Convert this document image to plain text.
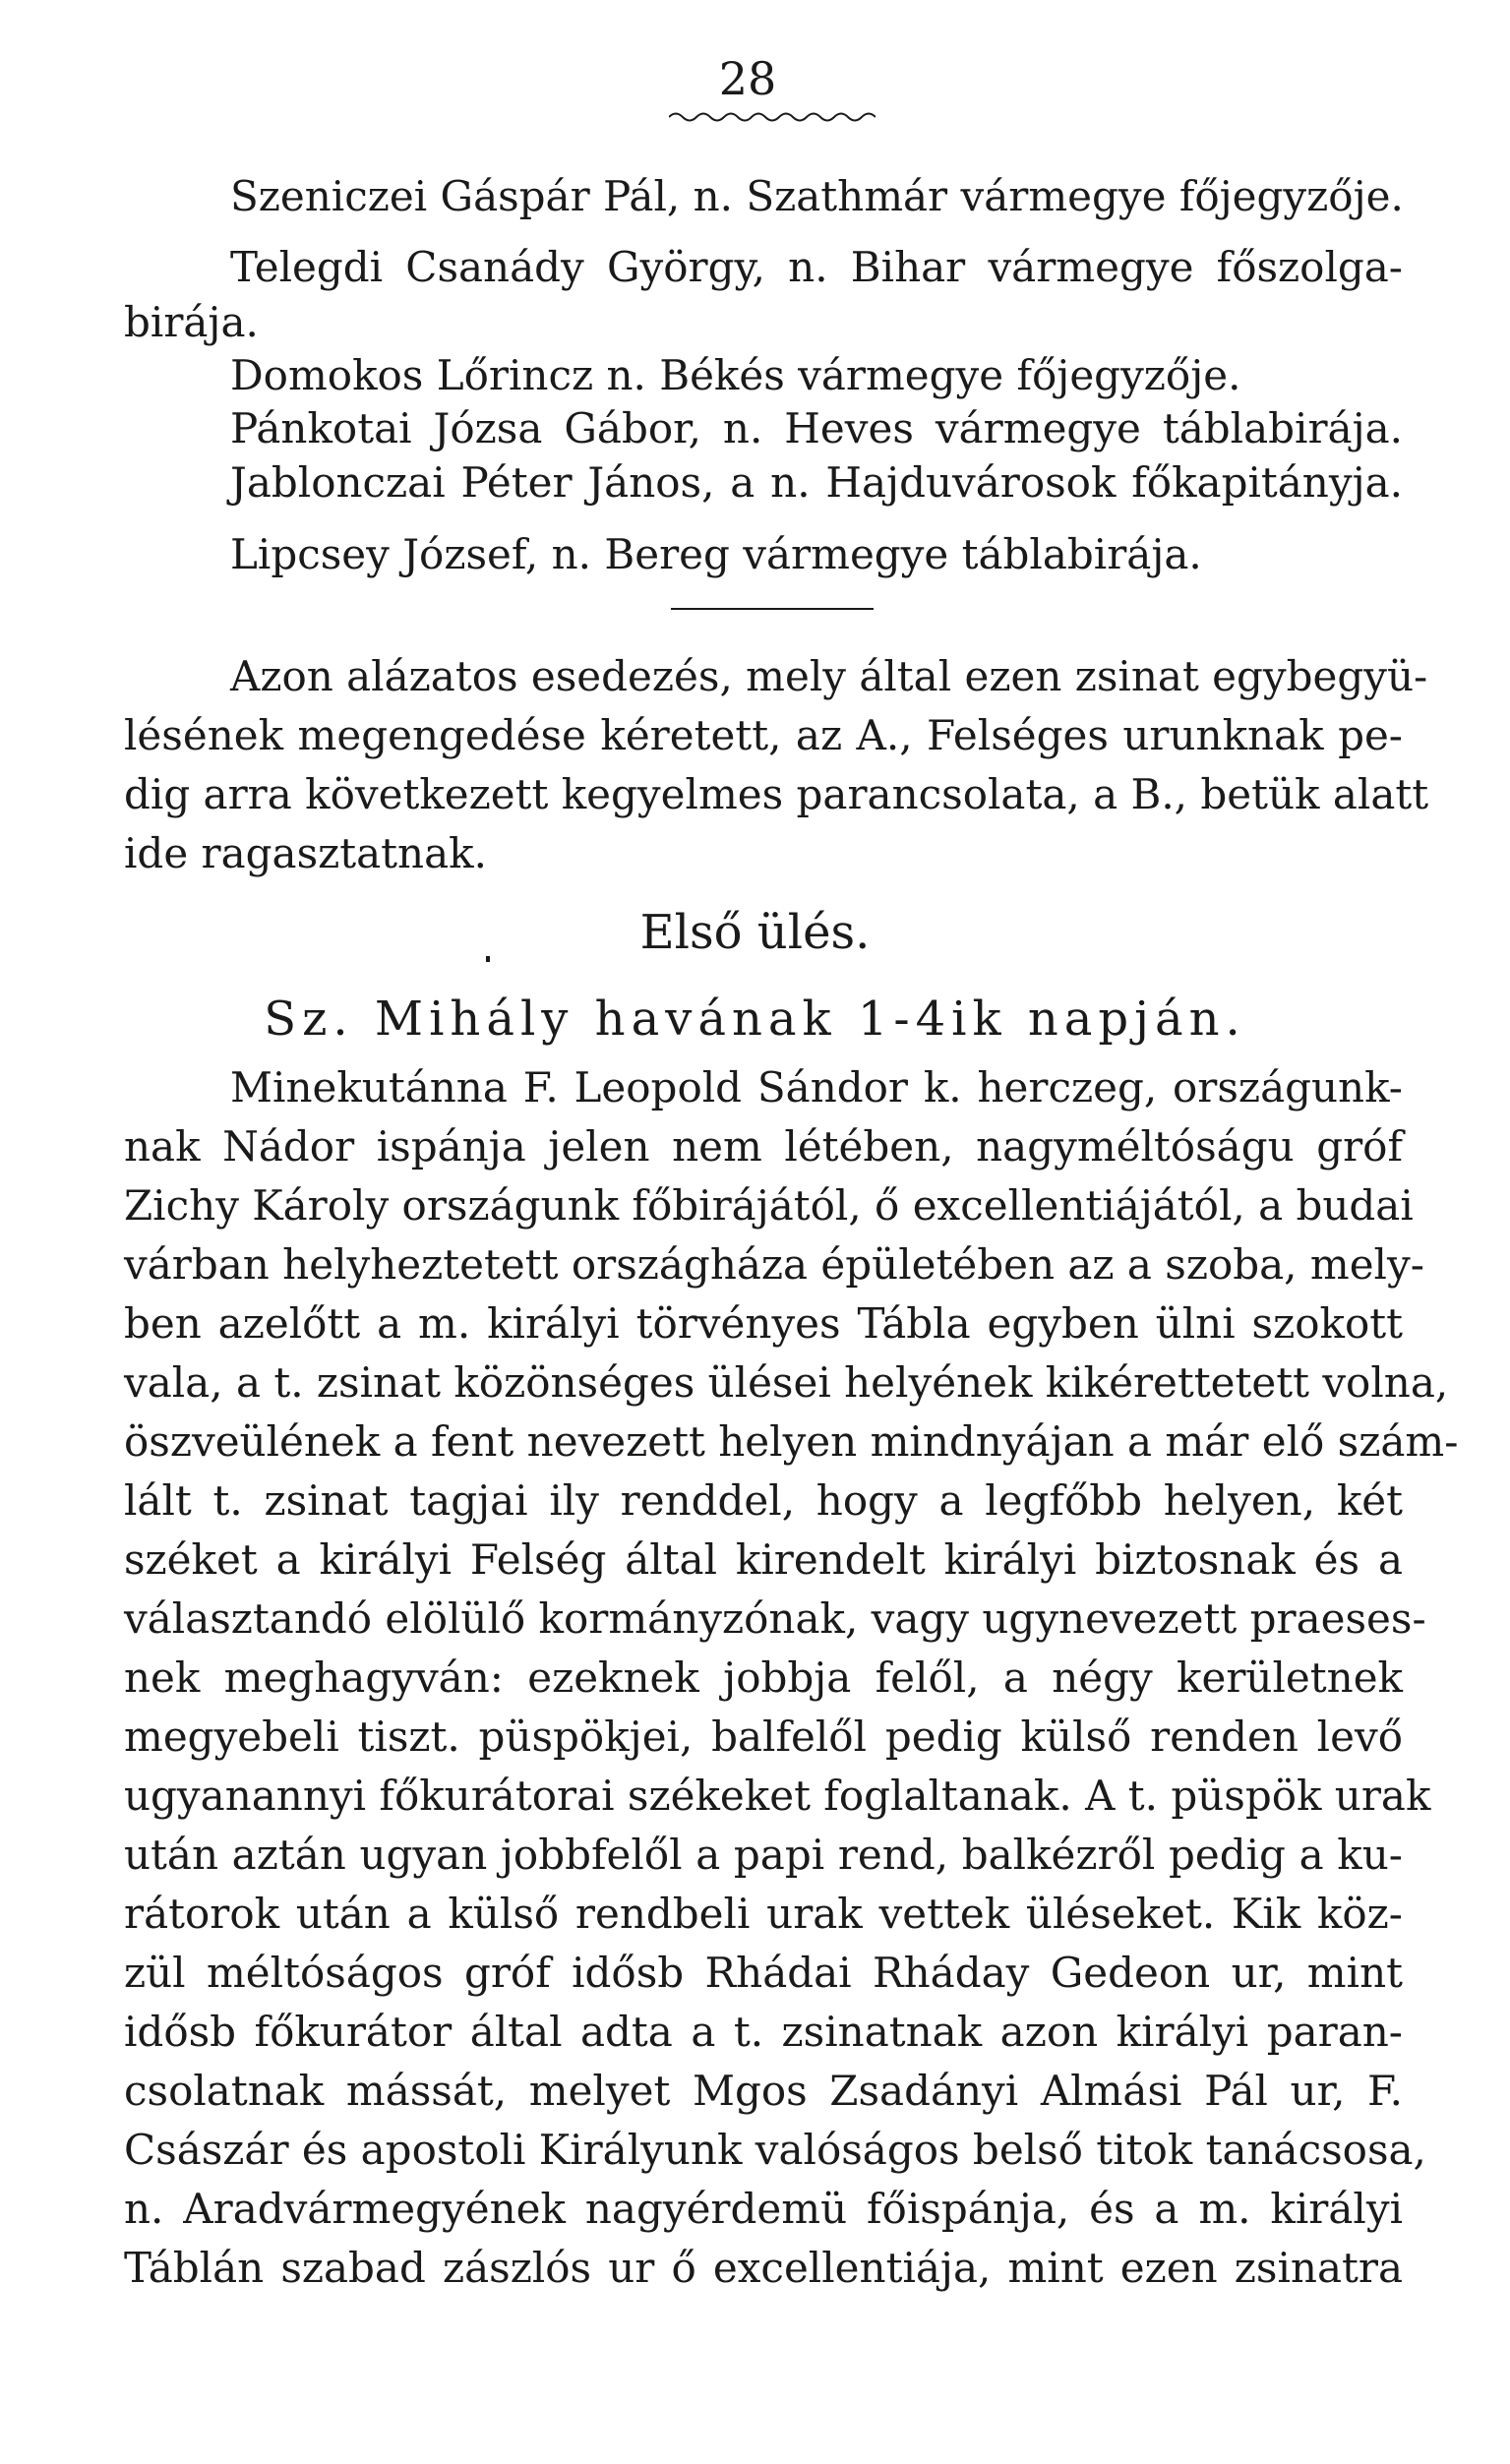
28
Szeniczei Gáspár Pál, n. Szathmár vármegye főjegyzője.
Telegdi Csanády György, n. Bihar vármegye főszolga-
birája.
Domokos Lőrincz n. Békés vármegye főjegyzője.
Pánkotai Józsa Gábor, n. Heves vármegye táblabirája.
Jablonczai Péter János, a n. Hajduvárosok főkapitányja.
Lipcsey József, n. Bereg vármegye táblabirája.
Azon alázatos esedezés, mely által ezen zsinat egybegyü-
lésének megengedése kéretett, az A., Felséges urunknak pe-
dig arra következett kegyelmes parancsolata, a B., betük alatt
ide ragasztatnak.
Első ülés.
Sz. Mihály havának 1-4ik napján.
Minekutánna F. Leopold Sándor k. herczeg, országunk-
nak Nádor ispánja jelen nem létében, nagyméltóságu gróf
Zichy Károly országunk főbirájától, ő excellentiájától, a budai
várban helyheztetett országháza épületében az a szoba, mely-
ben azelőtt a m. királyi törvényes Tábla egyben ülni szokott
vala, a t. zsinat közönséges ülései helyének kikérettetett volna,
öszveülének a fent nevezett helyen mindnyájan a már elő szám-
lált t. zsinat tagjai ily renddel, hogy a legfőbb helyen, két
széket a királyi Felség által kirendelt királyi biztosnak és a
választandó elölülő kormányzónak, vagy ugynevezett praeses-
nek meghagyván: ezeknek jobbja felől, a négy kerületnek
megyebeli tiszt. püspökjei, balfelől pedig külső renden levő
ugyanannyi főkurátorai székeket foglaltanak. A t. püspök urak
után aztán ugyan jobbfelől a papi rend, balkézről pedig a ku-
rátorok után a külső rendbeli urak vettek üléseket. Kik köz-
zül méltóságos gróf idősb Rhádai Rháday Gedeon ur, mint
idősb főkurátor által adta a t. zsinatnak azon királyi paran-
csolatnak mássát, melyet Mgos Zsadányi Almási Pál ur, F.
Császár és apostoli Királyunk valóságos belső titok tanácsosa,
n. Aradvármegyének nagyérdemü főispánja, és a m. királyi
Táblán szabad zászlós ur ő excellentiája, mint ezen zsinatra
